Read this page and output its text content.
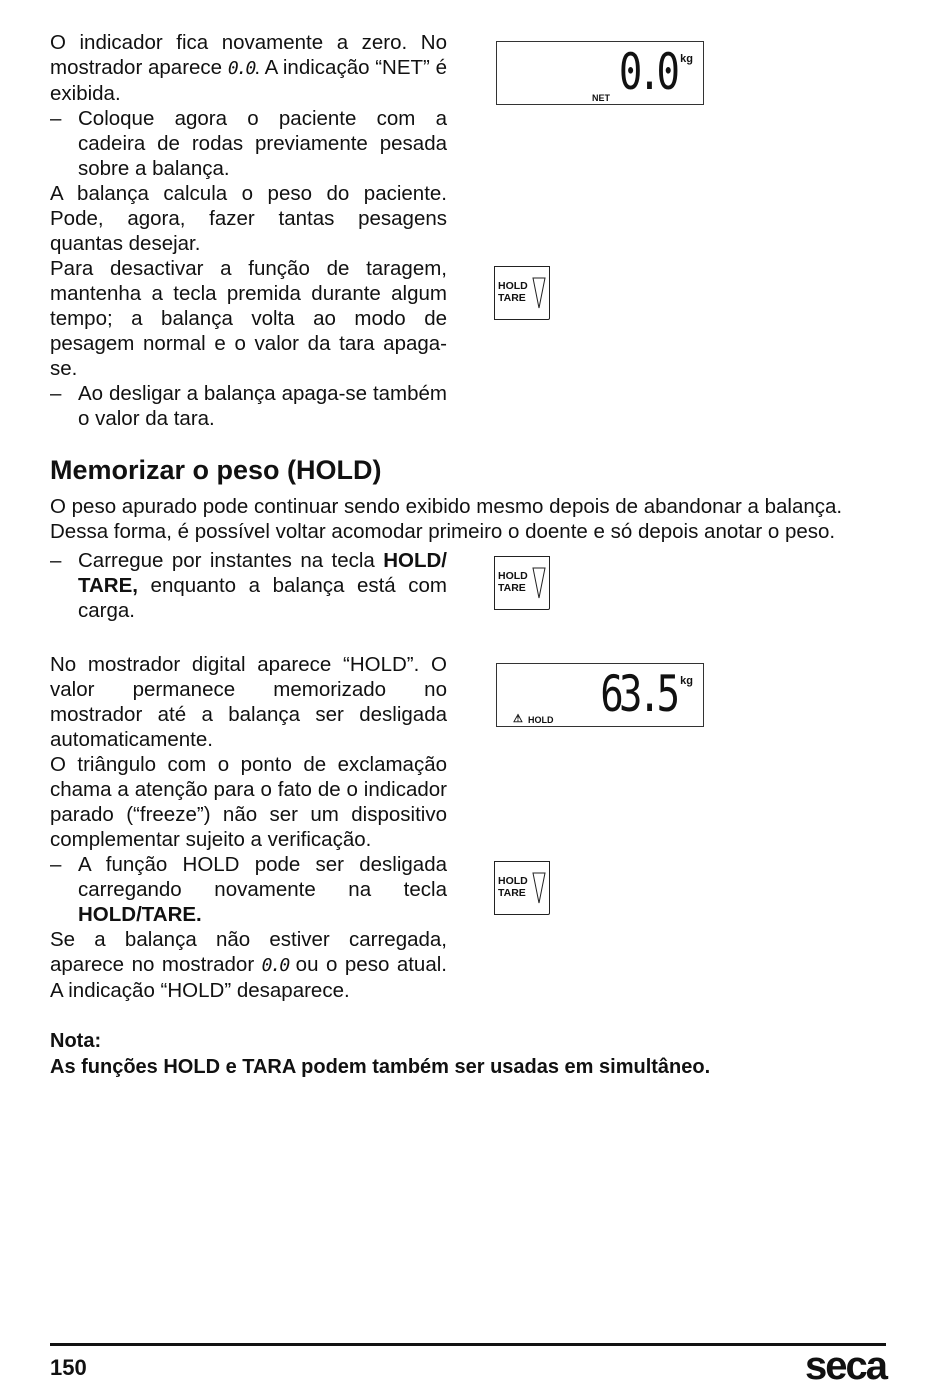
O indicador fica novamente a zero. No mostrador aparece 0.0. A indicação “NET” é exibida.

– Coloque agora o paciente com a cadeira de rodas previamente pesada sobre a balança.

A balança calcula o peso do paciente. Pode, agora, fazer tantas pesagens quantas desejar.

Para desactivar a função de taragem, mantenha a tecla premida durante algum tempo; a balança volta ao modo de pesagem normal e o valor da tara apaga-se.

– Ao desligar a balança apaga-se também o valor da tara.

0.0 kg
NET
HOLD
TARE
Memorizar o peso (HOLD)

O peso apurado pode continuar sendo exibido mesmo depois de abandonar a balança.

Dessa forma, é possível voltar acomodar primeiro o doente e só depois anotar o peso.

– Carregue por instantes na tecla HOLD/ TARE, enquanto a balança está com carga.

HOLD
TARE

No mostrador digital aparece “HOLD”. O valor permanece memorizado no mostrador até a balança ser desligada automaticamente.

O triângulo com o ponto de exclamação chama a atenção para o fato de o indicador parado (“freeze”) não ser um dispositivo complementar sujeito a verificação.

– A função HOLD pode ser desligada carregando novamente na tecla HOLD/TARE.

Se a balança não estiver carregada, aparece no mostrador 0.0 ou o peso atual. A indicação “HOLD” desaparece.

63.5 kg
⚠ HOLD
HOLD
TARE
Nota:
As funções HOLD e TARA podem também ser usadas em simultâneo.
150	seca
